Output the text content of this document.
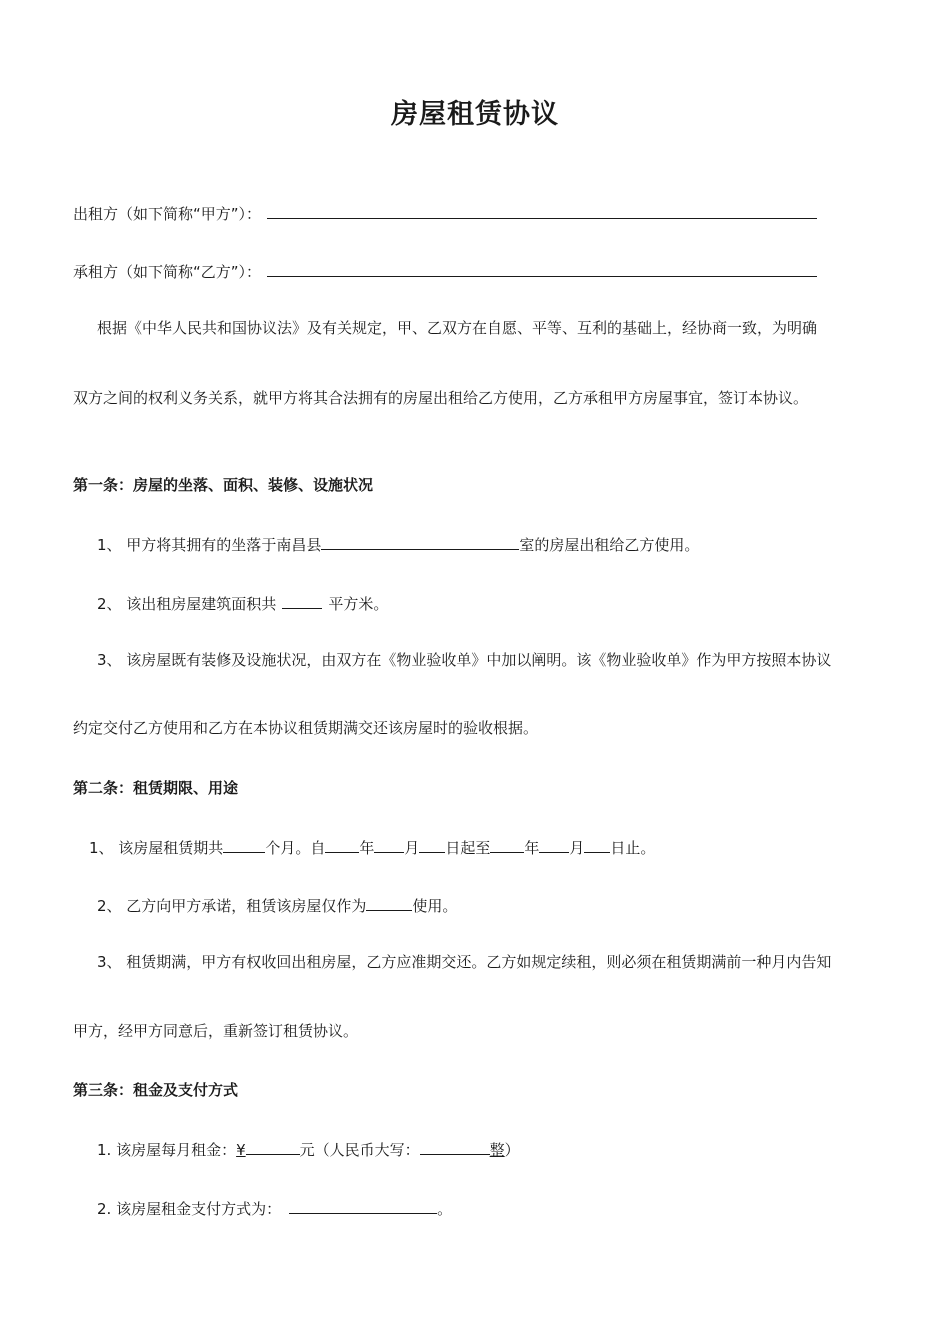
房屋租赁协议
出租方（如下简称“甲方”）：
承租方（如下简称“乙方”）：
根据《中华人民共和国协议法》及有关规定，甲、乙双方在自愿、平等、互利的基础上，经协商一致，为明确
双方之间的权利义务关系，就甲方将其合法拥有的房屋出租给乙方使用，乙方承租甲方房屋事宜，签订本协议。
第一条：房屋的坐落、面积、装修、设施状况
1、 甲方将其拥有的坐落于南昌县	室的房屋出租给乙方使用。
2、 该出租房屋建筑面积共	平方米。
3、 该房屋既有装修及设施状况，由双方在《物业验收单》中加以阐明。该《物业验收单》作为甲方按照本协议
约定交付乙方使用和乙方在本协议租赁期满交还该房屋时的验收根据。
第二条：租赁期限、用途
1、 该房屋租赁期共	个月。自 年 月 日起至 年 月 日止。
2、 乙方向甲方承诺，租赁该房屋仅作为	使用。
3、 租赁期满，甲方有权收回出租房屋，乙方应准期交还。乙方如规定续租，则必须在租赁期满前一种月内告知
甲方，经甲方同意后，重新签订租赁协议。
第三条：租金及支付方式
1. 该房屋每月租金：¥	元（人民币大写：	整）
2. 该房屋租金支付方式为：	。
